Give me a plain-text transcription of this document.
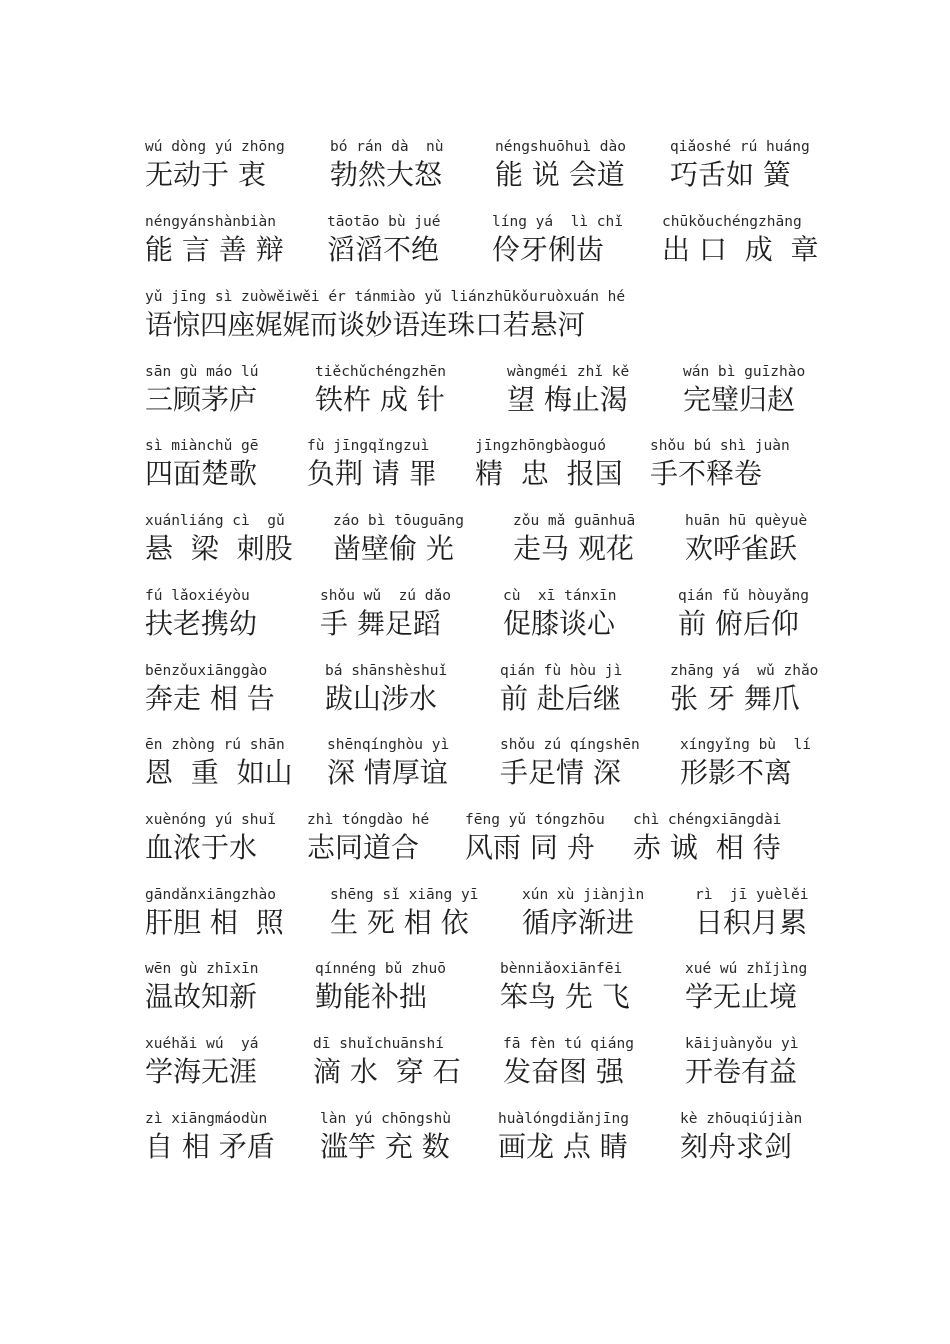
wú dòng yú zhōng
无动于 衷
bó rán dà  nù
勃然大怒
néngshuōhuì dào
能 说 会道
qiǎoshé rú huáng
巧舌如 簧
néngyánshànbiàn
能 言 善 辩
tāotāo bù jué
滔滔不绝
líng yá  lì chǐ
伶牙俐齿
chūkǒuchéngzhāng
出 口  成  章
yǔ jīng sì zuòwěiwěi ér tánmiào yǔ liánzhūkǒuruòxuán hé
语惊四座娓娓而谈妙语连珠口若悬河
sān gù máo lú
三顾茅庐
tiěchǔchéngzhēn
铁杵 成 针
wàngméi zhǐ kě
望 梅止渴
wán bì guīzhào
完璧归赵
sì miànchǔ gē
四面楚歌
fù jīngqǐngzuì
负荆 请 罪
jīngzhōngbàoguó
精  忠  报国
shǒu bú shì juàn
手不释卷
xuánliáng cì  gǔ
悬  梁  刺股
záo bì tōuguāng
凿壁偷 光
zǒu mǎ guānhuā
走马 观花
huān hū quèyuè
欢呼雀跃
fú lǎoxiéyòu
扶老携幼
shǒu wǔ  zú dǎo
手 舞足蹈
cù  xī tánxīn
促膝谈心
qián fǔ hòuyǎng
前 俯后仰
bēnzǒuxiānggào
奔走 相 告
bá shānshèshuǐ
跋山涉水
qián fù hòu jì
前 赴后继
zhāng yá  wǔ zhǎo
张 牙 舞爪
ēn zhòng rú shān
恩  重  如山
shēnqínghòu yì
深 情厚谊
shǒu zú qíngshēn
手足情 深
xíngyǐng bù  lí
形影不离
xuènóng yú shuǐ
血浓于水
zhì tóngdào hé
志同道合
fēng yǔ tóngzhōu
风雨 同 舟
chì chéngxiāngdài
赤 诚  相 待
gāndǎnxiāngzhào
肝胆 相  照
shēng sǐ xiāng yī
生 死 相 依
xún xù jiànjìn
循序渐进
rì  jī yuèlěi
日积月累
wēn gù zhīxīn
温故知新
qínnéng bǔ zhuō
勤能补拙
bènniǎoxiānfēi
笨鸟 先 飞
xué wú zhǐjìng
学无止境
xuéhǎi wú  yá
学海无涯
dī shuǐchuānshí
滴 水  穿 石
fā fèn tú qiáng
发奋图 强
kāijuànyǒu yì
开卷有益
zì xiāngmáodùn
自 相 矛盾
làn yú chōngshù
滥竽 充 数
huàlóngdiǎnjīng
画龙 点 睛
kè zhōuqiújiàn
刻舟求剑
